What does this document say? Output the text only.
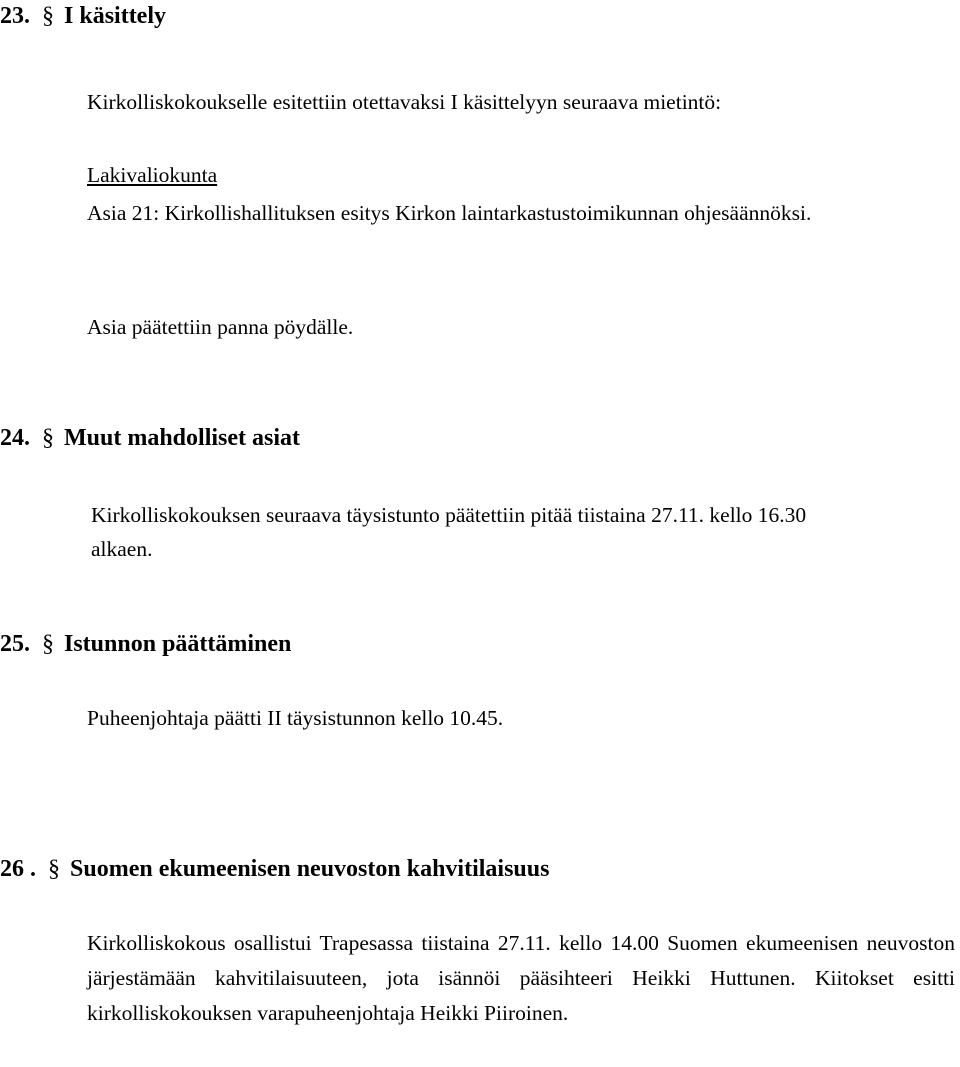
23. § I käsittely
Kirkolliskokoukselle esitettiin otettavaksi I käsittelyyn seuraava mietintö:
Lakivaliokunta
Asia 21: Kirkollishallituksen esitys Kirkon laintarkastustoimikunnan ohjesäännöksi.
Asia päätettiin panna pöydälle.
24. § Muut mahdolliset asiat
Kirkolliskokouksen seuraava täysistunto päätettiin pitää tiistaina 27.11. kello 16.30 alkaen.
25. § Istunnon päättäminen
Puheenjohtaja päätti II täysistunnon kello 10.45.
26 . § Suomen ekumeenisen neuvoston kahvitilaisuus
Kirkolliskokous osallistui Trapesassa tiistaina 27.11. kello 14.00 Suomen ekumeenisen neuvoston järjestämään kahvitilaisuuteen, jota isännöi pääsihteeri Heikki Huttunen. Kiitokset esitti kirkolliskokouksen varapuheenjohtaja Heikki Piiroinen.
